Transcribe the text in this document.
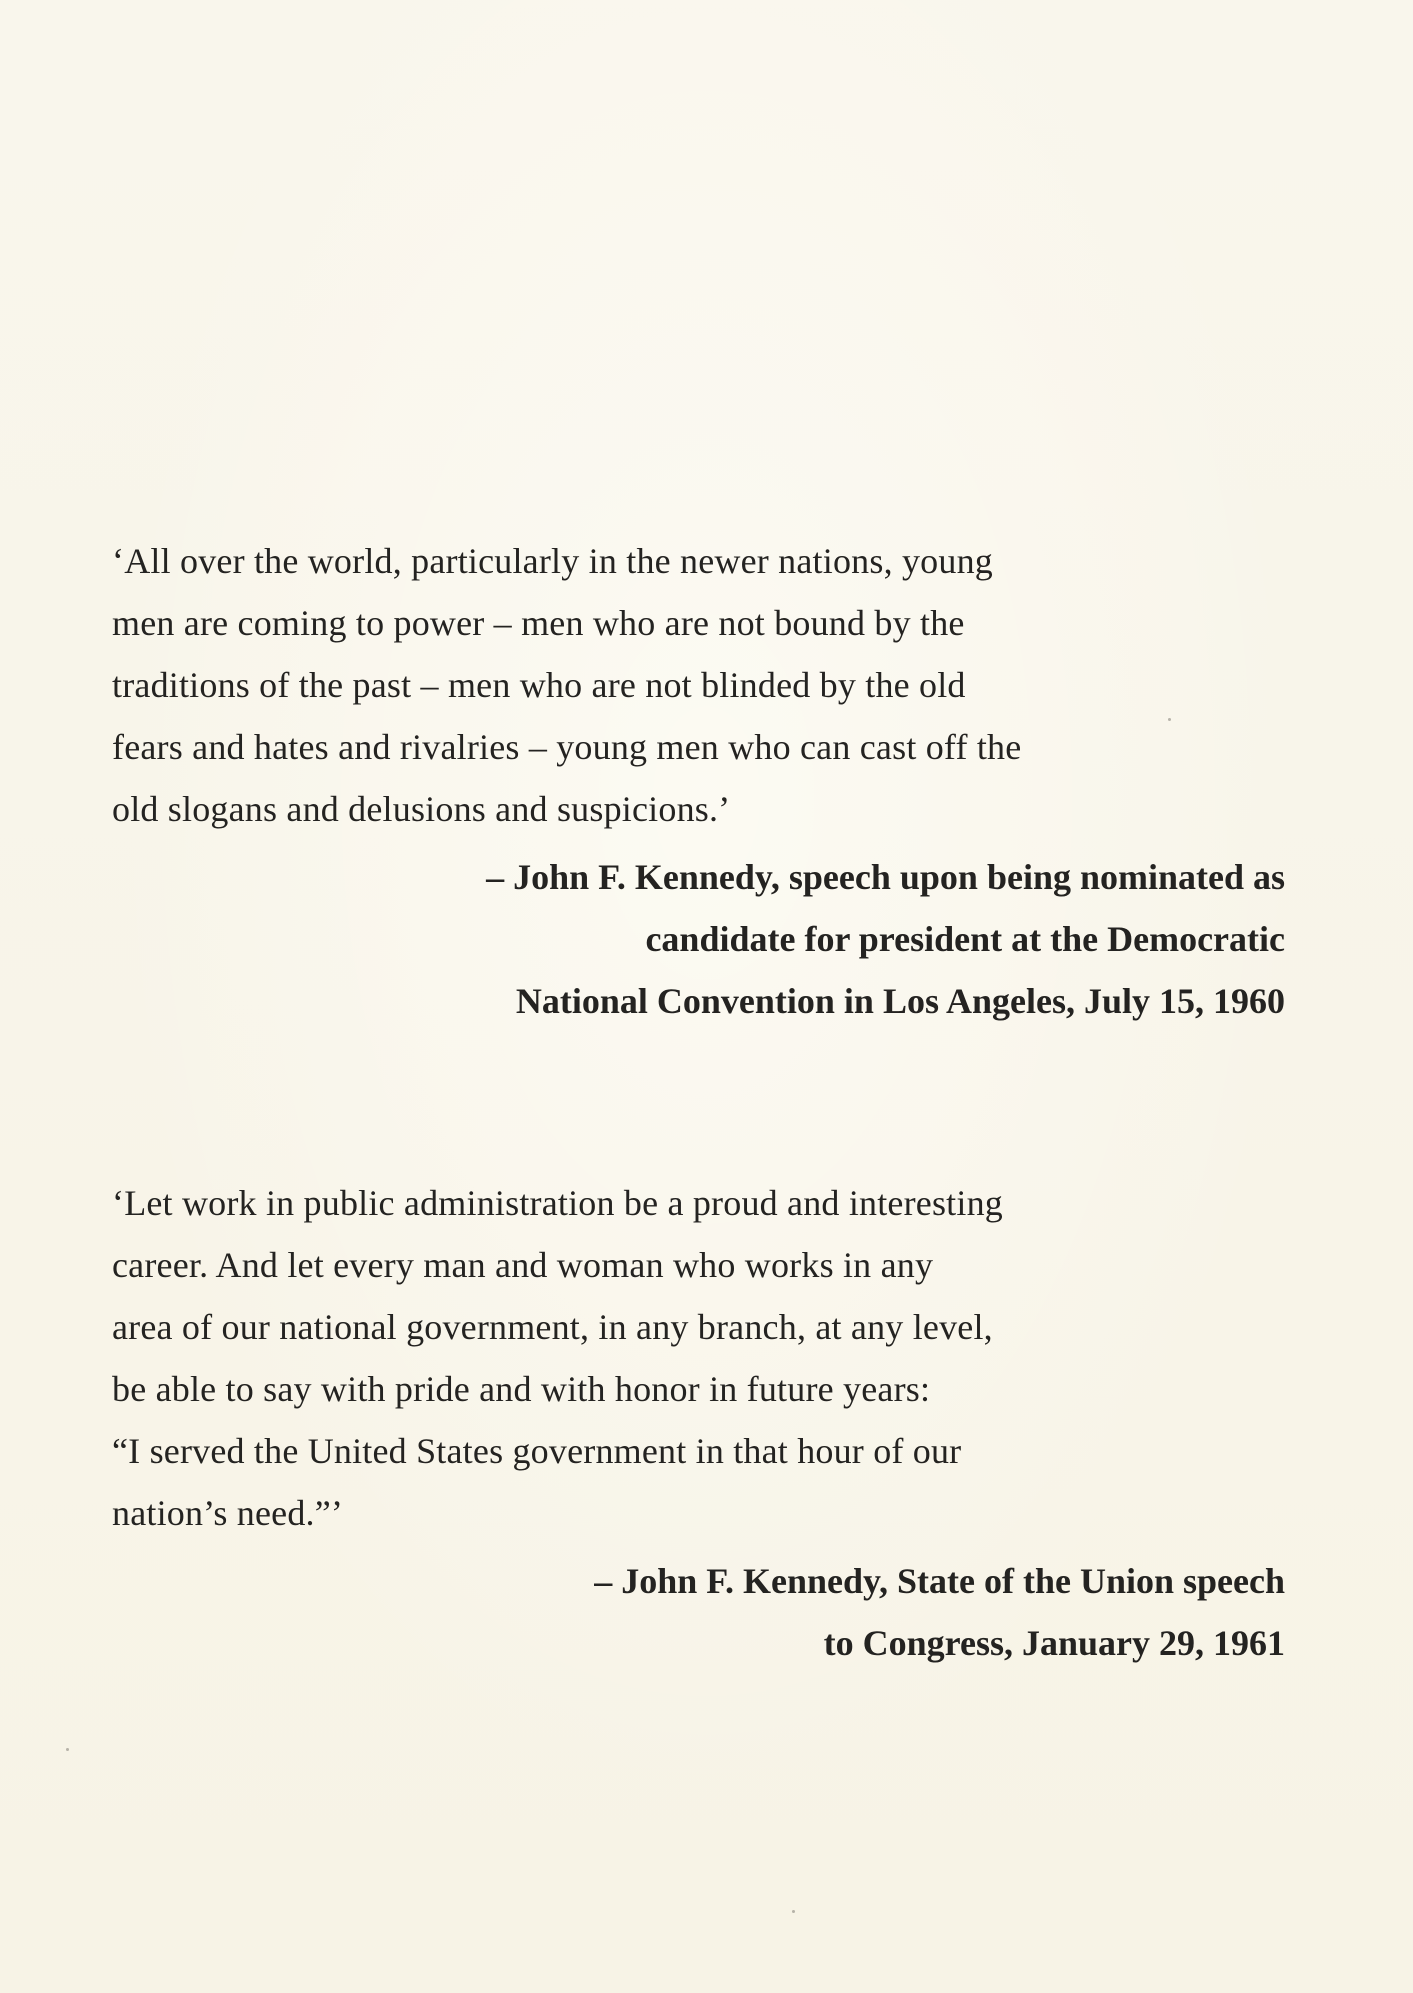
‘All over the world, particularly in the newer nations, young
men are coming to power – men who are not bound by the
traditions of the past – men who are not blinded by the old
fears and hates and rivalries – young men who can cast off the
old slogans and delusions and suspicions.’

– John F. Kennedy, speech upon being nominated as
candidate for president at the Democratic
National Convention in Los Angeles, July 15, 1960

‘Let work in public administration be a proud and interesting
career. And let every man and woman who works in any
area of our national government, in any branch, at any level,
be able to say with pride and with honor in future years:
“I served the United States government in that hour of our
nation’s need.”’

– John F. Kennedy, State of the Union speech
to Congress, January 29, 1961
